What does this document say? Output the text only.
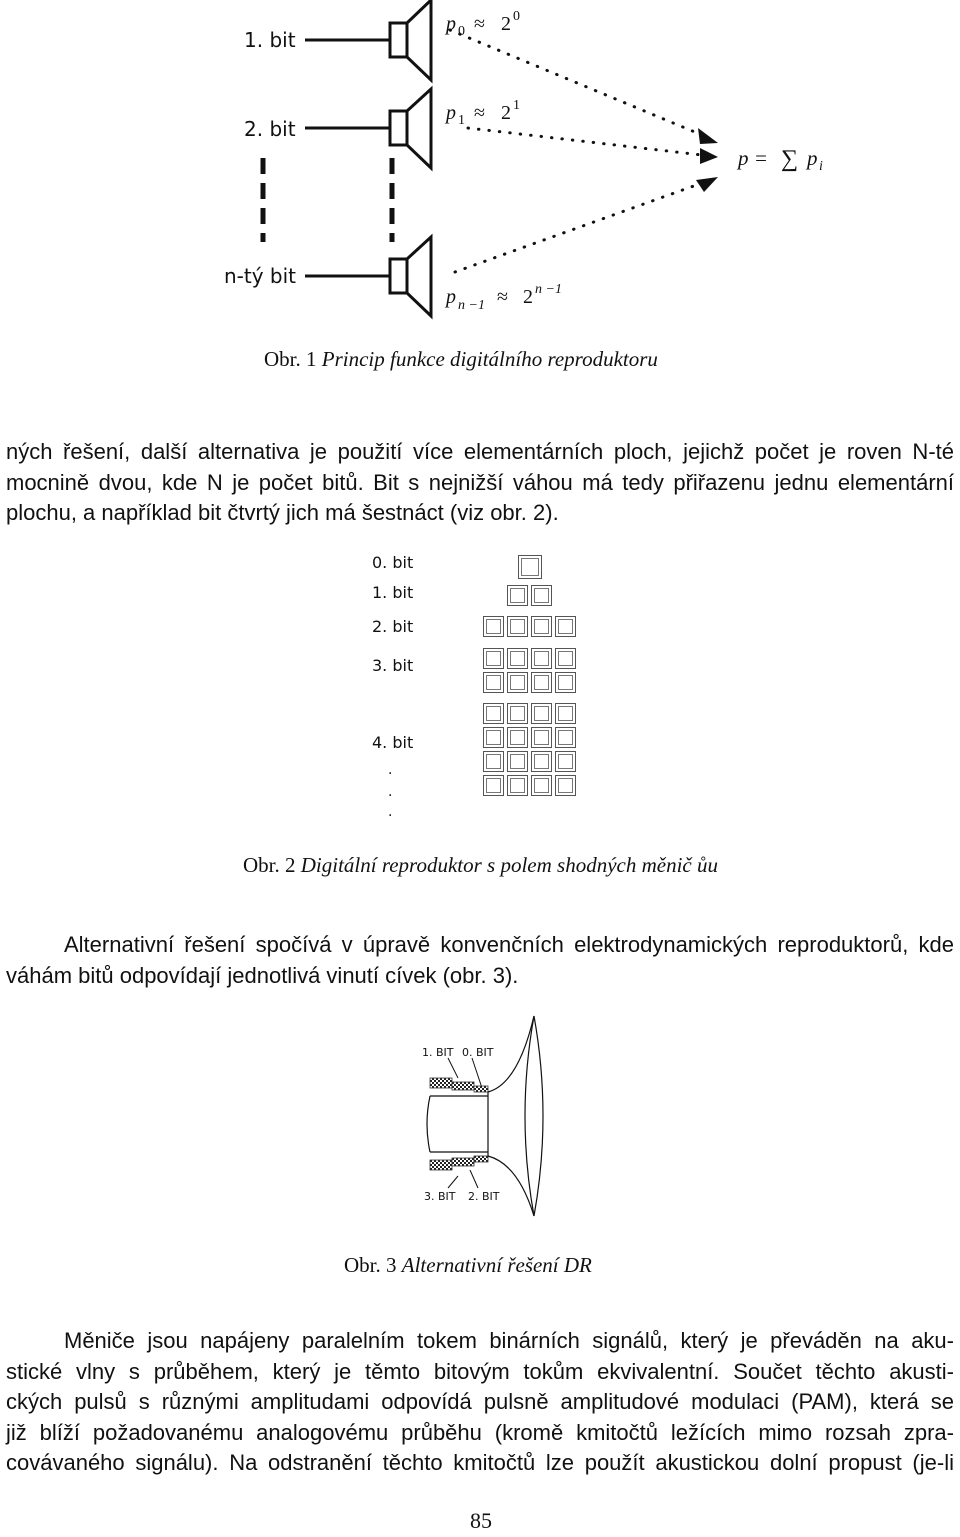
1. bit
2. bit
n-tý bit
p 0 ≈ 2 0
p 1 ≈ 2 1
p n −1 ≈ 2 n −1
p = ∑ p i
Obr. 1 Princip funkce digitálního reproduktoru
ných řešení, další alternativa je použití více elementárních ploch, jejichž počet je roven N-té
mocnině dvou, kde N je počet bitů. Bit s nejnižší váhou má tedy přiřazenu jednu elementární
plochu, a například bit čtvrtý jich má šestnáct (viz obr. 2).
0. bit
1. bit
2. bit
3. bit
4. bit
·
·
·
Obr. 2 Digitální reproduktor s polem shodných měnič ůu
Alternativní řešení spočívá v úpravě konvenčních elektrodynamických reproduktorů, kde
váhám bitů odpovídají jednotlivá vinutí cívek (obr. 3).
1. BIT 0. BIT
3. BIT 2. BIT
Obr. 3 Alternativní řešení DR
Měniče jsou napájeny paralelním tokem binárních signálů, který je převáděn na aku-
stické vlny s průběhem, který je těmto bitovým tokům ekvivalentní. Součet těchto akusti-
ckých pulsů s různými amplitudami odpovídá pulsně amplitudové modulaci (PAM), která se
již blíží požadovanému analogovému průběhu (kromě kmitočtů ležících mimo rozsah zpra-
covávaného signálu). Na odstranění těchto kmitočtů lze použít akustickou dolní propust (je-li
85
